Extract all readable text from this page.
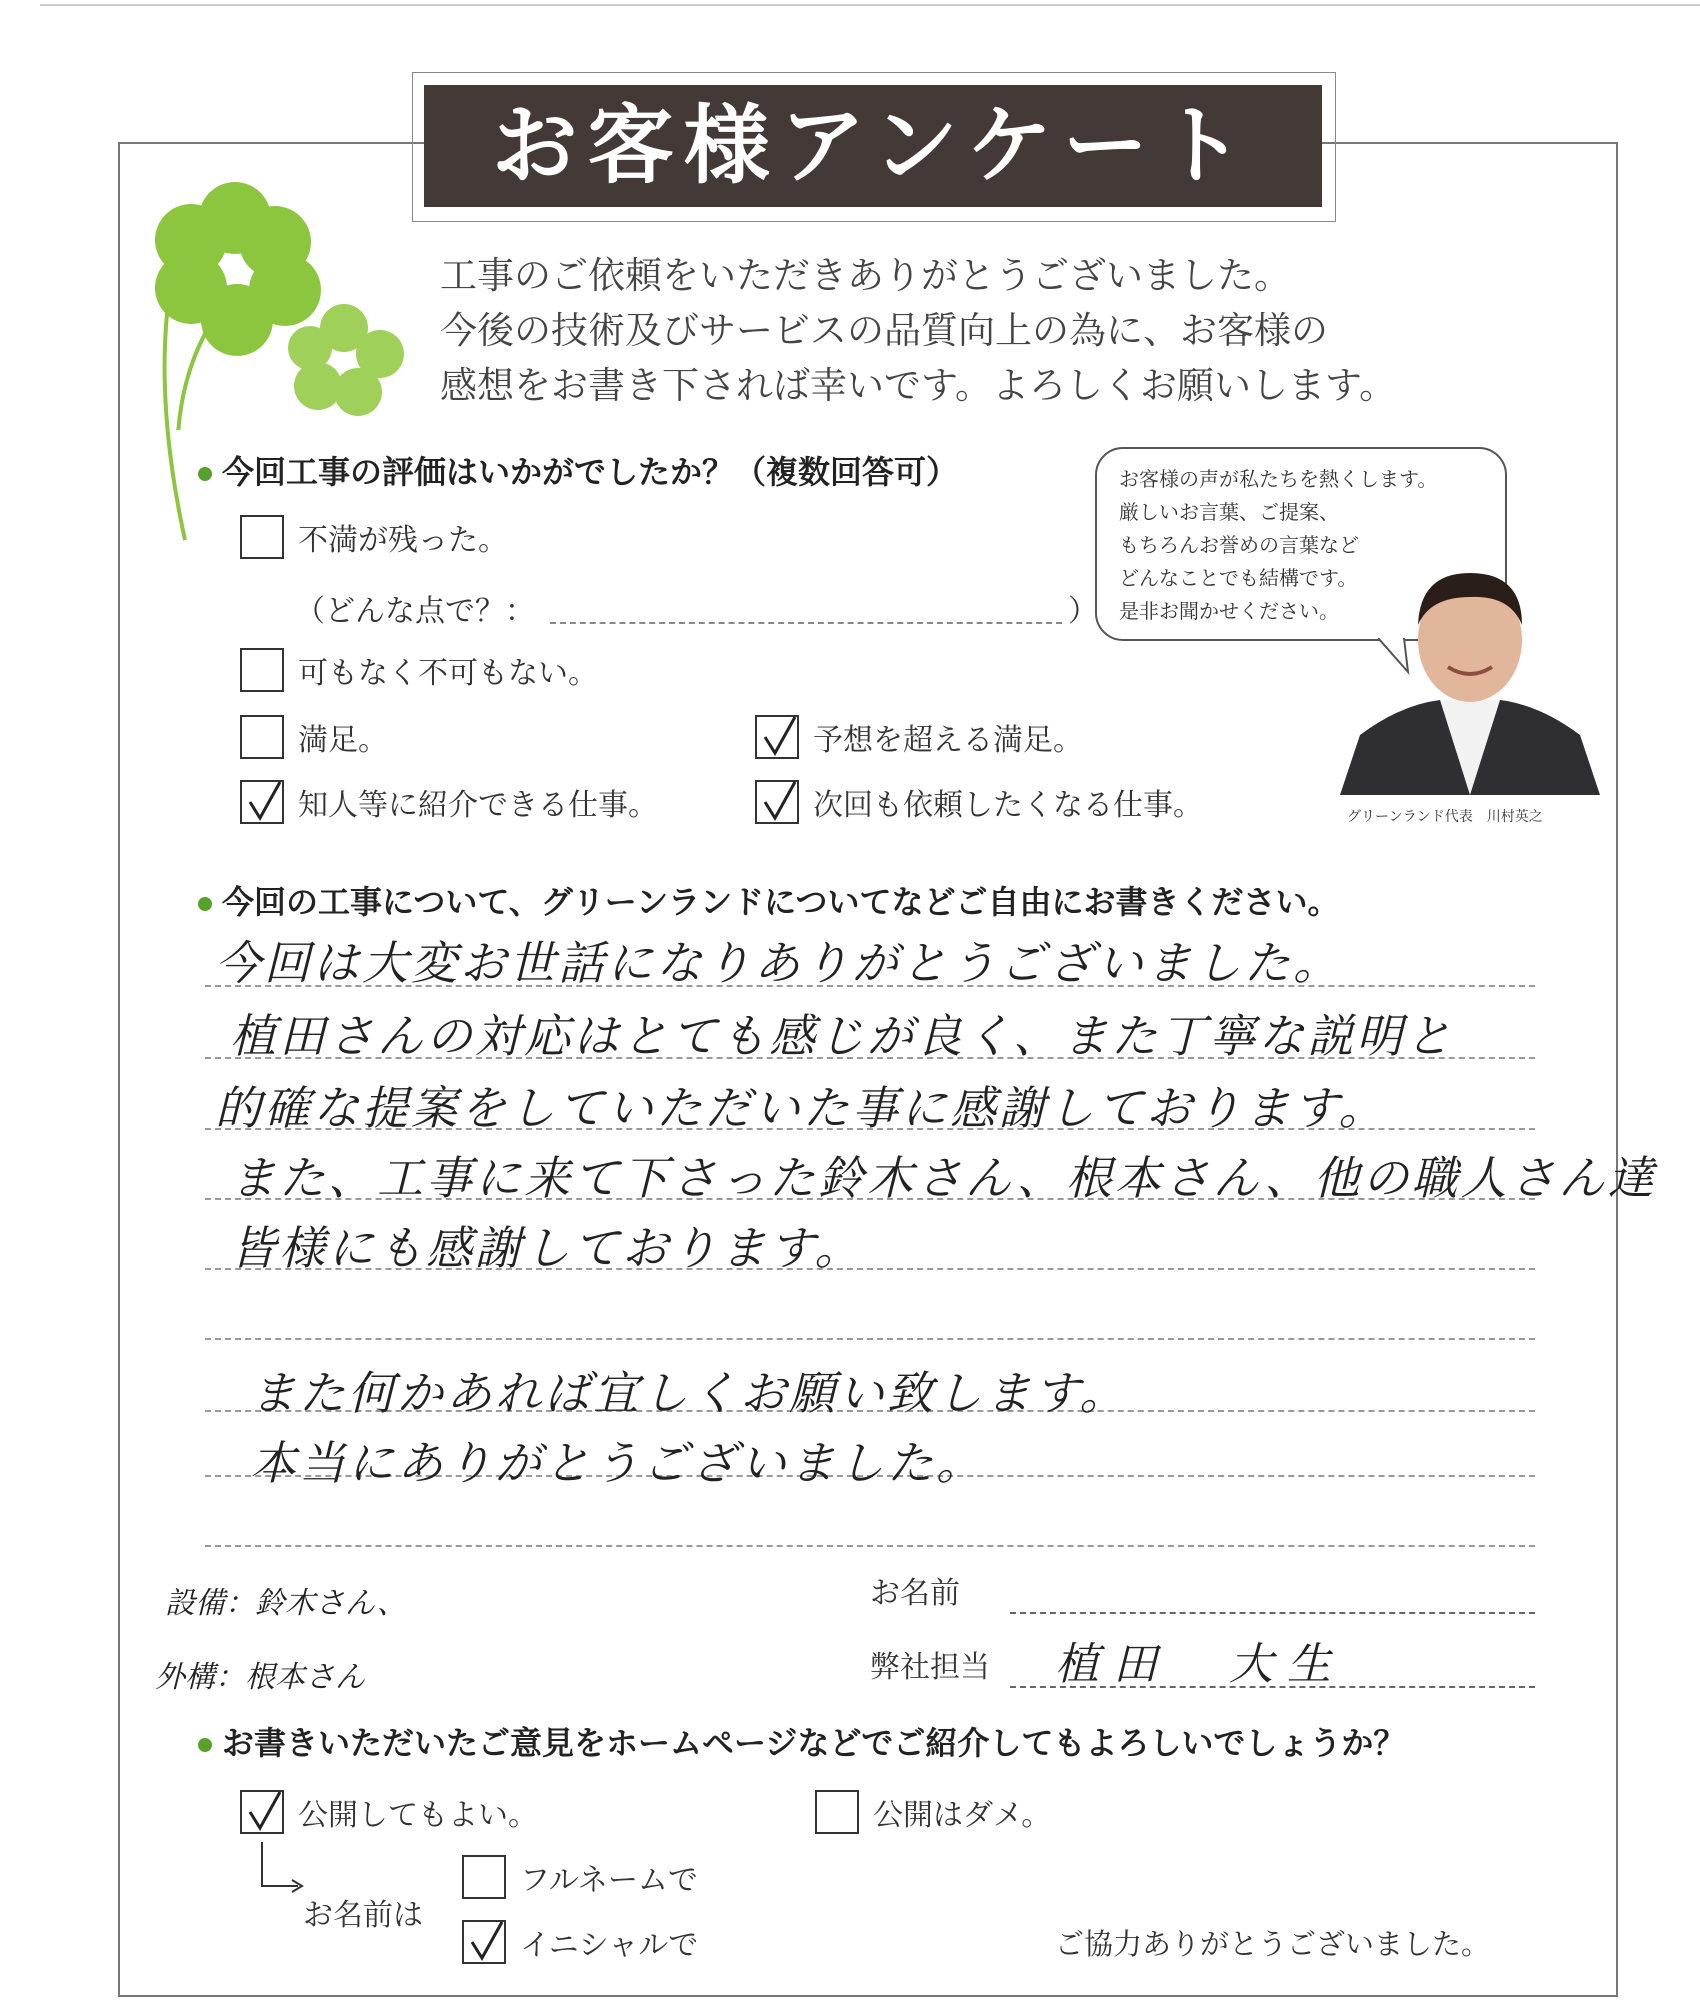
お客様アンケート
工事のご依頼をいただきありがとうございました。
今後の技術及びサービスの品質向上の為に、お客様の
感想をお書き下されば幸いです。よろしくお願いします。
今回工事の評価はいかがでしたか？（複数回答可）
不満が残った。
（どんな点で？：	）
可もなく不可もない。
満足。	予想を超える満足。
知人等に紹介できる仕事。	次回も依頼したくなる仕事。
お客様の声が私たちを熱くします。
厳しいお言葉、ご提案、
もちろんお誉めの言葉など
どんなことでも結構です。
是非お聞かせください。
グリーンランド代表　川村英之
今回の工事について、グリーンランドについてなどご自由にお書きください。
今回は大変お世話になりありがとうございました。
植田さんの対応はとても感じが良く、また丁寧な説明と
的確な提案をしていただいた事に感謝しております。
また、工事に来て下さった鈴木さん、根本さん、他の職人さん達
皆様にも感謝しております。
また何かあれば宜しくお願い致します。
本当にありがとうございました。
設備：鈴木さん、
外構：根本さん
お名前
弊社担当 植田　大生
お書きいただいたご意見をホームページなどでご紹介してもよろしいでしょうか？
公開してもよい。	公開はダメ。
お名前は
フルネームで
イニシャルで	ご協力ありがとうございました。
